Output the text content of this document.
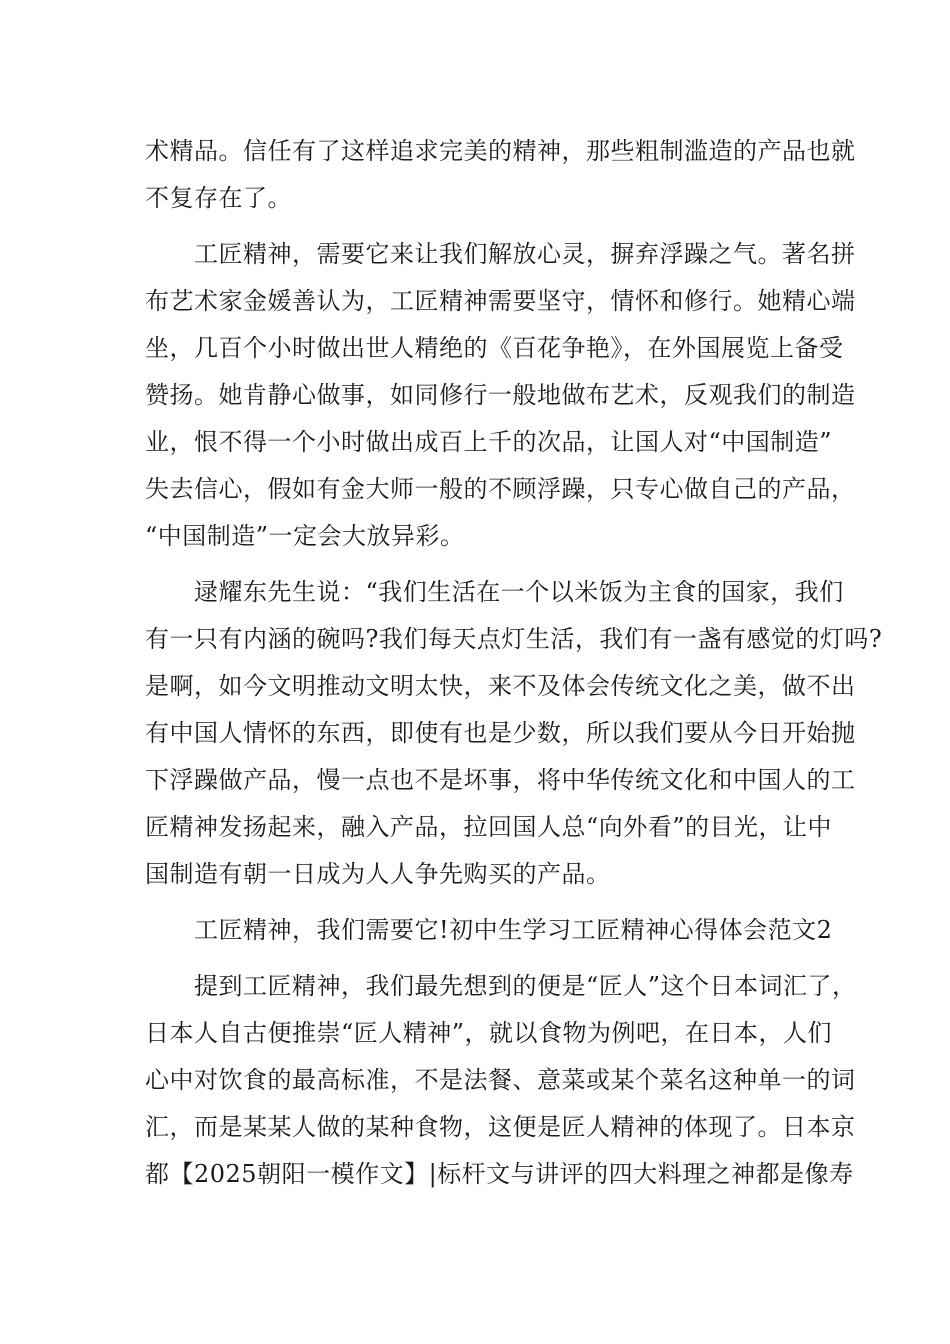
术精品。信任有了这样追求完美的精神，那些粗制滥造的产品也就
不复存在了。
　　工匠精神，需要它来让我们解放心灵，摒弃浮躁之气。著名拼
布艺术家金媛善认为，工匠精神需要坚守，情怀和修行。她精心端
坐，几百个小时做出世人精绝的《百花争艳》，在外国展览上备受
赞扬。她肯静心做事，如同修行一般地做布艺术，反观我们的制造
业，恨不得一个小时做出成百上千的次品，让国人对“中国制造”
失去信心，假如有金大师一般的不顾浮躁，只专心做自己的产品，
“中国制造”一定会大放异彩。
　　逯耀东先生说：“我们生活在一个以米饭为主食的国家，我们
有一只有内涵的碗吗?我们每天点灯生活，我们有一盏有感觉的灯吗?
是啊，如今文明推动文明太快，来不及体会传统文化之美，做不出
有中国人情怀的东西，即使有也是少数，所以我们要从今日开始抛
下浮躁做产品，慢一点也不是坏事，将中华传统文化和中国人的工
匠精神发扬起来，融入产品，拉回国人总“向外看”的目光，让中
国制造有朝一日成为人人争先购买的产品。
　　工匠精神，我们需要它!初中生学习工匠精神心得体会范文2
　　提到工匠精神，我们最先想到的便是“匠人”这个日本词汇了，
日本人自古便推崇“匠人精神”，就以食物为例吧，在日本，人们
心中对饮食的最高标准，不是法餐、意菜或某个菜名这种单一的词
汇，而是某某人做的某种食物，这便是匠人精神的体现了。日本京
都【2025朝阳一模作文】|标杆文与讲评的四大料理之神都是像寿
